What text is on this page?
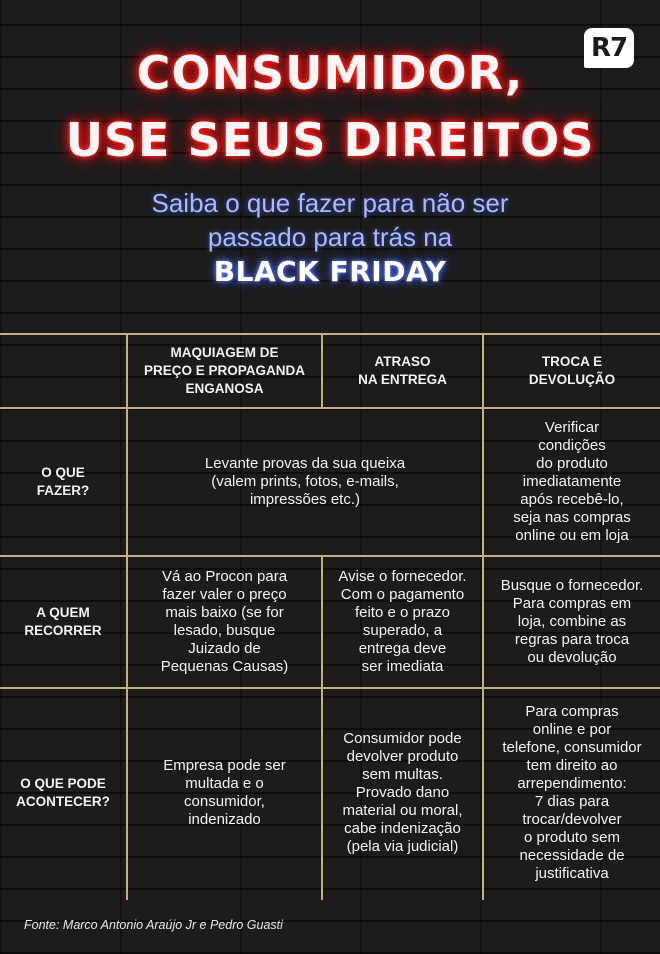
R7
CONSUMIDOR,
USE SEUS DIREITOS
Saiba o que fazer para não ser
passado para trás na
BLACK FRIDAY
MAQUIAGEM DE
PREÇO E PROPAGANDA
ENGANOSA
ATRASO
NA ENTREGA
TROCA E
DEVOLUÇÃO
O QUE
FAZER?
Levante provas da sua queixa
(valem prints, fotos, e-mails,
impressões etc.)
Verificar
condições
do produto
imediatamente
após recebê-lo,
seja nas compras
online ou em loja
A QUEM
RECORRER
Vá ao Procon para
fazer valer o preço
mais baixo (se for
lesado, busque
Juizado de
Pequenas Causas)
Avise o fornecedor.
Com o pagamento
feito e o prazo
superado, a
entrega deve
ser imediata
Busque o fornecedor.
Para compras em
loja, combine as
regras para troca
ou devolução
O QUE PODE
ACONTECER?
Empresa pode ser
multada e o
consumidor,
indenizado
Consumidor pode
devolver produto
sem multas.
Provado dano
material ou moral,
cabe indenização
(pela via judicial)
Para compras
online e por
telefone, consumidor
tem direito ao
arrependimento:
7 dias para
trocar/devolver
o produto sem
necessidade de
justificativa
Fonte: Marco Antonio Araújo Jr e Pedro Guasti
